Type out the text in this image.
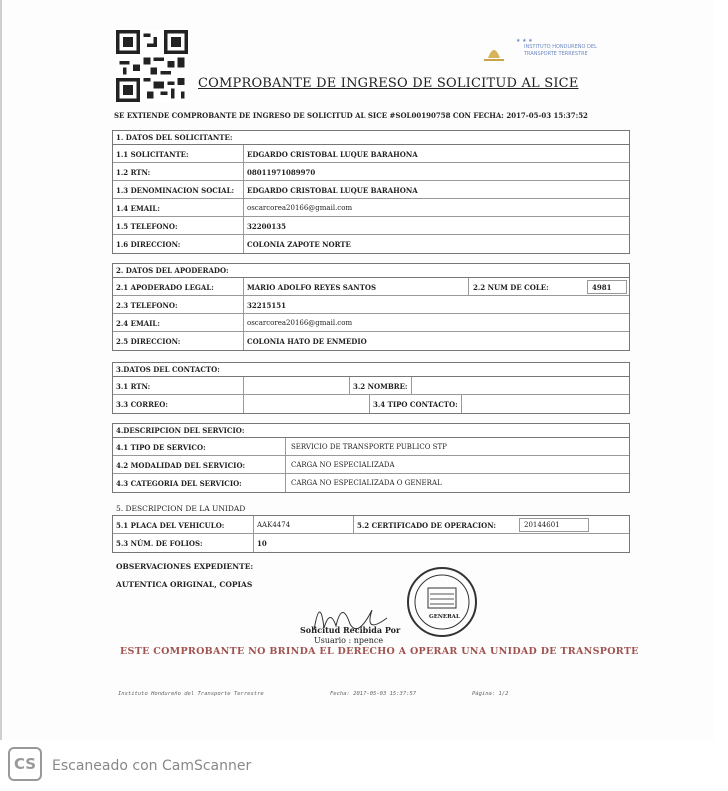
★ ★ ★
INSTITUTO HONDUREÑO DEL TRANSPORTE TERRESTRE
COMPROBANTE DE INGRESO DE SOLICITUD AL SICE
SE EXTIENDE COMPROBANTE DE INGRESO DE SOLICITUD AL SICE #SOL00190758 CON FECHA: 2017-05-03 15:37:52
1. DATOS DEL SOLICITANTE:
1.1 SOLICITANTE:	EDGARDO CRISTOBAL LUQUE BARAHONA
1.2 RTN:	08011971089970
1.3 DENOMINACION SOCIAL: EDGARDO CRISTOBAL LUQUE BARAHONA
1.4 EMAIL:	oscarcorea20166@gmail.com
1.5 TELEFONO:	32200135
1.6 DIRECCION:	COLONIA ZAPOTE NORTE
2. DATOS DEL APODERADO:
2.1 APODERADO LEGAL:	MARIO ADOLFO REYES SANTOS	2.2 NUM DE COLE:	4981
2.3 TELEFONO:	32215151
2.4 EMAIL:	oscarcorea20166@gmail.com
2.5 DIRECCION:	COLONIA HATO DE ENMEDIO
3.DATOS DEL CONTACTO:
3.1 RTN:	3.2 NOMBRE:
3.3 CORREO:	3.4 TIPO CONTACTO:
4.DESCRIPCION DEL SERVICIO:
4.1 TIPO DE SERVICO:	SERVICIO DE TRANSPORTE PUBLICO STP
4.2 MODALIDAD DEL SERVICIO:	CARGA NO ESPECIALIZADA
4.3 CATEGORIA DEL SERVICIO:	CARGA NO ESPECIALIZADA O GENERAL
5. DESCRIPCION DE LA UNIDAD
5.1 PLACA DEL VEHICULO:	AAK4474	5.2 CERTIFICADO DE OPERACION:	20144601
5.3 NÚM. DE FOLIOS:	10
OBSERVACIONES EXPEDIENTE:
AUTENTICA ORIGINAL, COPIAS
Solicitud Recibida Por
Usuario : npence
GENERAL
ESTE COMPROBANTE NO BRINDA EL DERECHO A OPERAR UNA UNIDAD DE TRANSPORTE
Instituto Hondureño del Transporte Terrestre	Fecha: 2017-05-03 15:37:57	Página: 1/2
CS	Escaneado con CamScanner
